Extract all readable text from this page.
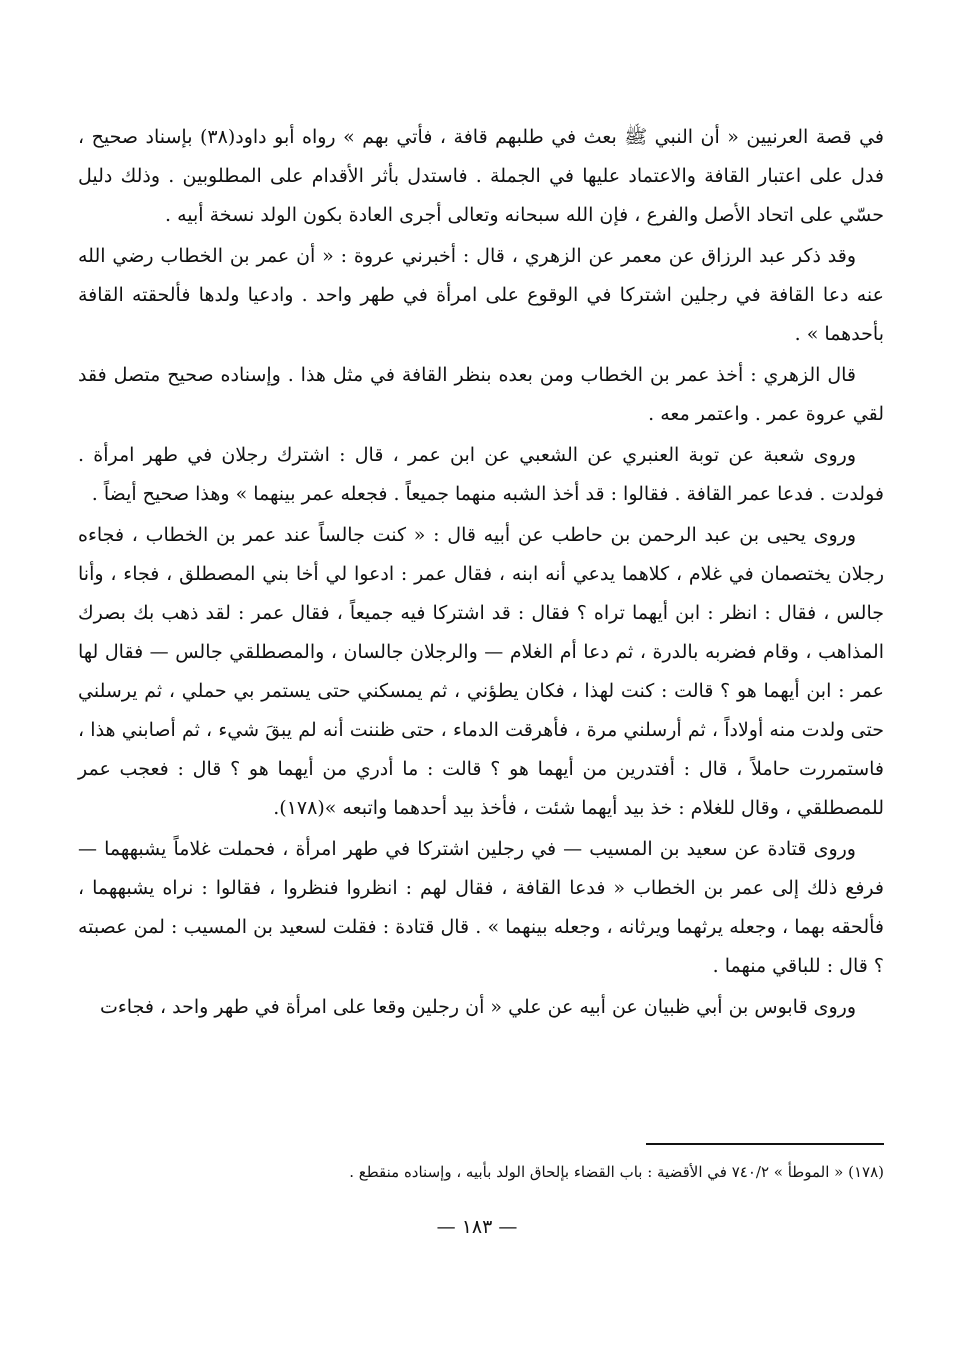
في قصة العرنيين « أن النبي ﷺ بعث في طلبهم قافة ، فأتي بهم » رواه أبو داود(٣٨) بإسناد صحيح ، فدل على اعتبار القافة والاعتماد عليها في الجملة . فاستدل بأثر الأقدام على المطلوبين . وذلك دليل حسّي على اتحاد الأصل والفرع ، فإن الله سبحانه وتعالى أجرى العادة بكون الولد نسخة أبيه .

وقد ذكر عبد الرزاق عن معمر عن الزهري ، قال : أخبرني عروة : « أن عمر بن الخطاب رضي الله عنه دعا القافة في رجلين اشتركا في الوقوع على امرأة في طهر واحد . وادعيا ولدها فألحقته القافة بأحدهما » .

قال الزهري : أخذ عمر بن الخطاب ومن بعده بنظر القافة في مثل هذا . وإسناده صحيح متصل فقد لقي عروة عمر . واعتمر معه .

وروى شعبة عن توبة العنبري عن الشعبي عن ابن عمر ، قال : اشترك رجلان في طهر امرأة . فولدت . فدعا عمر القافة . فقالوا : قد أخذ الشبه منهما جميعاً . فجعله عمر بينهما » وهذا صحيح أيضاً .

وروى يحيى بن عبد الرحمن بن حاطب عن أبيه قال : « كنت جالساً عند عمر بن الخطاب ، فجاءه رجلان يختصمان في غلام ، كلاهما يدعي أنه ابنه ، فقال عمر : ادعوا لي أخا بني المصطلق ، فجاء ، وأنا جالس ، فقال : انظر : ابن أيهما تراه ؟ فقال : قد اشتركا فيه جميعاً ، فقال عمر : لقد ذهب بك بصرك المذاهب ، وقام فضربه بالدرة ، ثم دعا أم الغلام — والرجلان جالسان ، والمصطلقي جالس — فقال لها عمر : ابن أيهما هو ؟ قالت : كنت لهذا ، فكان يطؤني ، ثم يمسكني حتى يستمر بي حملي ، ثم يرسلني حتى ولدت منه أولاداً ، ثم أرسلني مرة ، فأهرقت الدماء ، حتى ظننت أنه لم يبقَ شيء ، ثم أصابني هذا ، فاستمررت حاملاً ، قال : أفتدرين من أيهما هو ؟ قالت : ما أدري من أيهما هو ؟ قال : فعجب عمر للمصطلقي ، وقال للغلام : خذ بيد أيهما شئت ، فأخذ بيد أحدهما واتبعه »(١٧٨).

وروى قتادة عن سعيد بن المسيب — في رجلين اشتركا في طهر امرأة ، فحملت غلاماً يشبههما — فرفع ذلك إلى عمر بن الخطاب « فدعا القافة ، فقال لهم : انظروا فنظروا ، فقالوا : نراه يشبههما ، فألحقه بهما ، وجعله يرثهما ويرثانه ، وجعله بينهما » . قال قتادة : فقلت لسعيد بن المسيب : لمن عصبته ؟ قال : للباقي منهما .

وروى قابوس بن أبي ظبيان عن أبيه عن علي « أن رجلين وقعا على امرأة في طهر واحد ، فجاءت

(١٧٨) « الموطأ » ٧٤٠/٢ في الأقضية : باب القضاء بإلحاق الولد بأبيه ، وإسناده منقطع .
— ١٨٣ —
